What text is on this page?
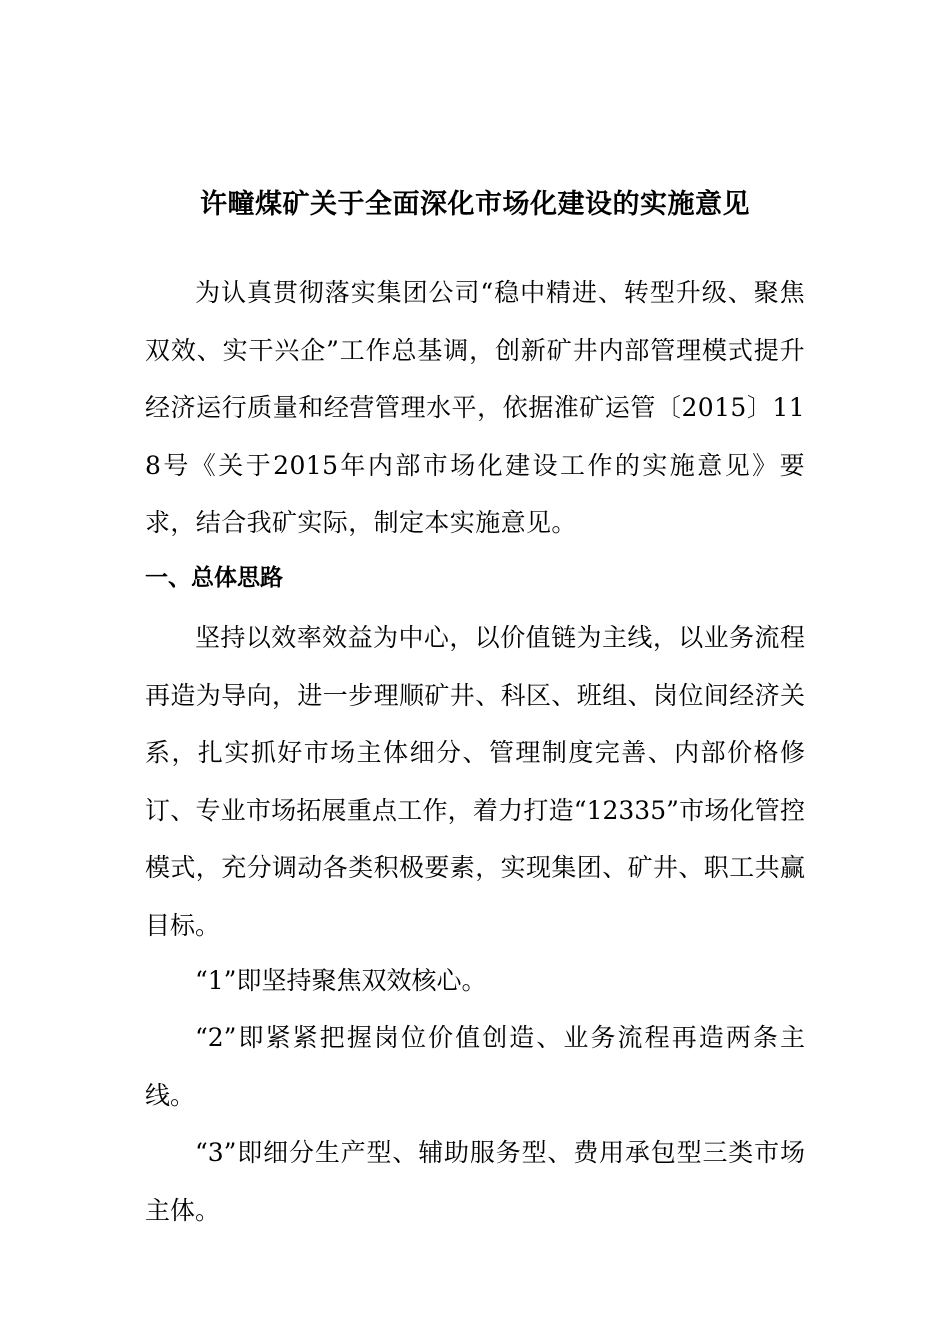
许疃煤矿关于全面深化市场化建设的实施意见

为认真贯彻落实集团公司“稳中精进、转型升级、聚焦双效、实干兴企”工作总基调，创新矿井内部管理模式提升经济运行质量和经营管理水平，依据淮矿运管〔2015〕118号《关于2015年内部市场化建设工作的实施意见》要求，结合我矿实际，制定本实施意见。

一、总体思路

坚持以效率效益为中心，以价值链为主线，以业务流程再造为导向，进一步理顺矿井、科区、班组、岗位间经济关系，扎实抓好市场主体细分、管理制度完善、内部价格修订、专业市场拓展重点工作，着力打造“12335”市场化管控模式，充分调动各类积极要素，实现集团、矿井、职工共赢目标。

“1”即坚持聚焦双效核心。

“2”即紧紧把握岗位价值创造、业务流程再造两条主线。

“3”即细分生产型、辅助服务型、费用承包型三类市场主体。
